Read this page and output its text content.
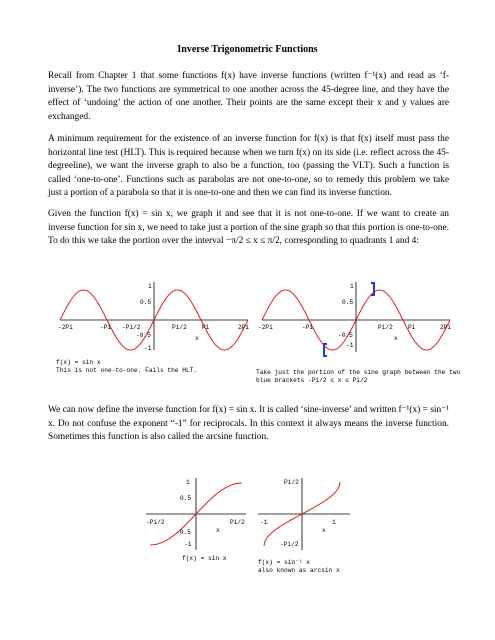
Inverse Trigonometric Functions

Recall from Chapter 1 that some functions f(x) have inverse functions (written f⁻¹(x) and read as ‘f-inverse’). The two functions are symmetrical to one another across the 45-degree line, and they have the effect of ‘undoing’ the action of one another. Their points are the same except their x and y values are exchanged.

A minimum requirement for the existence of an inverse function for f(x) is that f(x) itself must pass the horizontal line test (HLT). This is required because when we turn f(x) on its side (i.e. reflect across the 45-degreeline), we want the inverse graph to also be a function, too (passing the VLT). Such a function is called ‘one-to-one’. Functions such as parabolas are not one-to-one, so to remedy this problem we take just a portion of a parabola so that it is one-to-one and then we can find its inverse function.

Given the function f(x) = sin x, we graph it and see that it is not one-to-one. If we want to create an inverse function for sin x, we need to take just a portion of the sine graph so that this portion is one-to-one. To do this we take the portion over the interval −π/2 ≤ x ≤ π/2, corresponding to quadrants 1 and 4:

-2Pi	-Pi -Pi/2	Pi/2 Pi	2Pi
1
0.5
-0.5
-1
x
f(x) = sin x
This is not one-to-one. Fails the HLT.
-2Pi	-Pi	Pi/2 Pi	2Pi
1
0.5
-0.5
-1
x
Take just the portion of the sine graph between the two
blue brackets -Pi/2 ≤ x ≤ Pi/2

We can now define the inverse function for f(x) = sin x. It is called ‘sine-inverse’ and written f⁻¹(x) = sin⁻¹ x. Do not confuse the exponent “-1” for reciprocals. In this context it always means the inverse function. Sometimes this function is also called the arcsine function.

1
0.5
-0.5
-1
-Pi/2	Pi/2
x
f(x) = sin x
Pi/2
-Pi/2
-1	1
x
f(x) = sin⁻¹ x
also known as arcsin x
